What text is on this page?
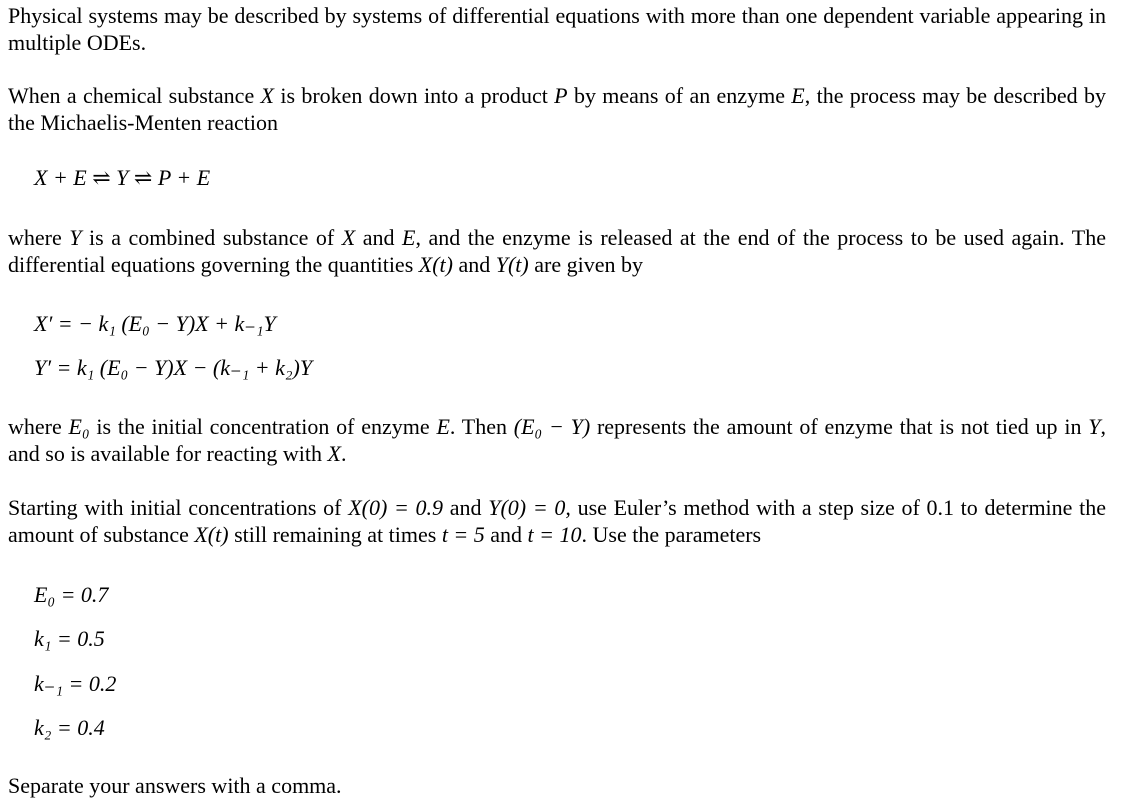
Physical systems may be described by systems of differential equations with more than one dependent variable appearing in multiple ODEs.
When a chemical substance X is broken down into a product P by means of an enzyme E, the process may be described by the Michaelis-Menten reaction
X + E ⇌ Y ⇌ P + E
where Y is a combined substance of X and E, and the enzyme is released at the end of the process to be used again. The differential equations governing the quantities X(t) and Y(t) are given by
X′ = − k₁ (E₀ − Y)X + k₋₁Y
Y′ = k₁ (E₀ − Y)X − (k₋₁ + k₂)Y
where E₀ is the initial concentration of enzyme E. Then (E₀ − Y) represents the amount of enzyme that is not tied up in Y, and so is available for reacting with X.
Starting with initial concentrations of X(0) = 0.9 and Y(0) = 0, use Euler’s method with a step size of 0.1 to determine the amount of substance X(t) still remaining at times t = 5 and t = 10. Use the parameters
E₀ = 0.7
k₁ = 0.5
k₋₁ = 0.2
k₂ = 0.4
Separate your answers with a comma.
